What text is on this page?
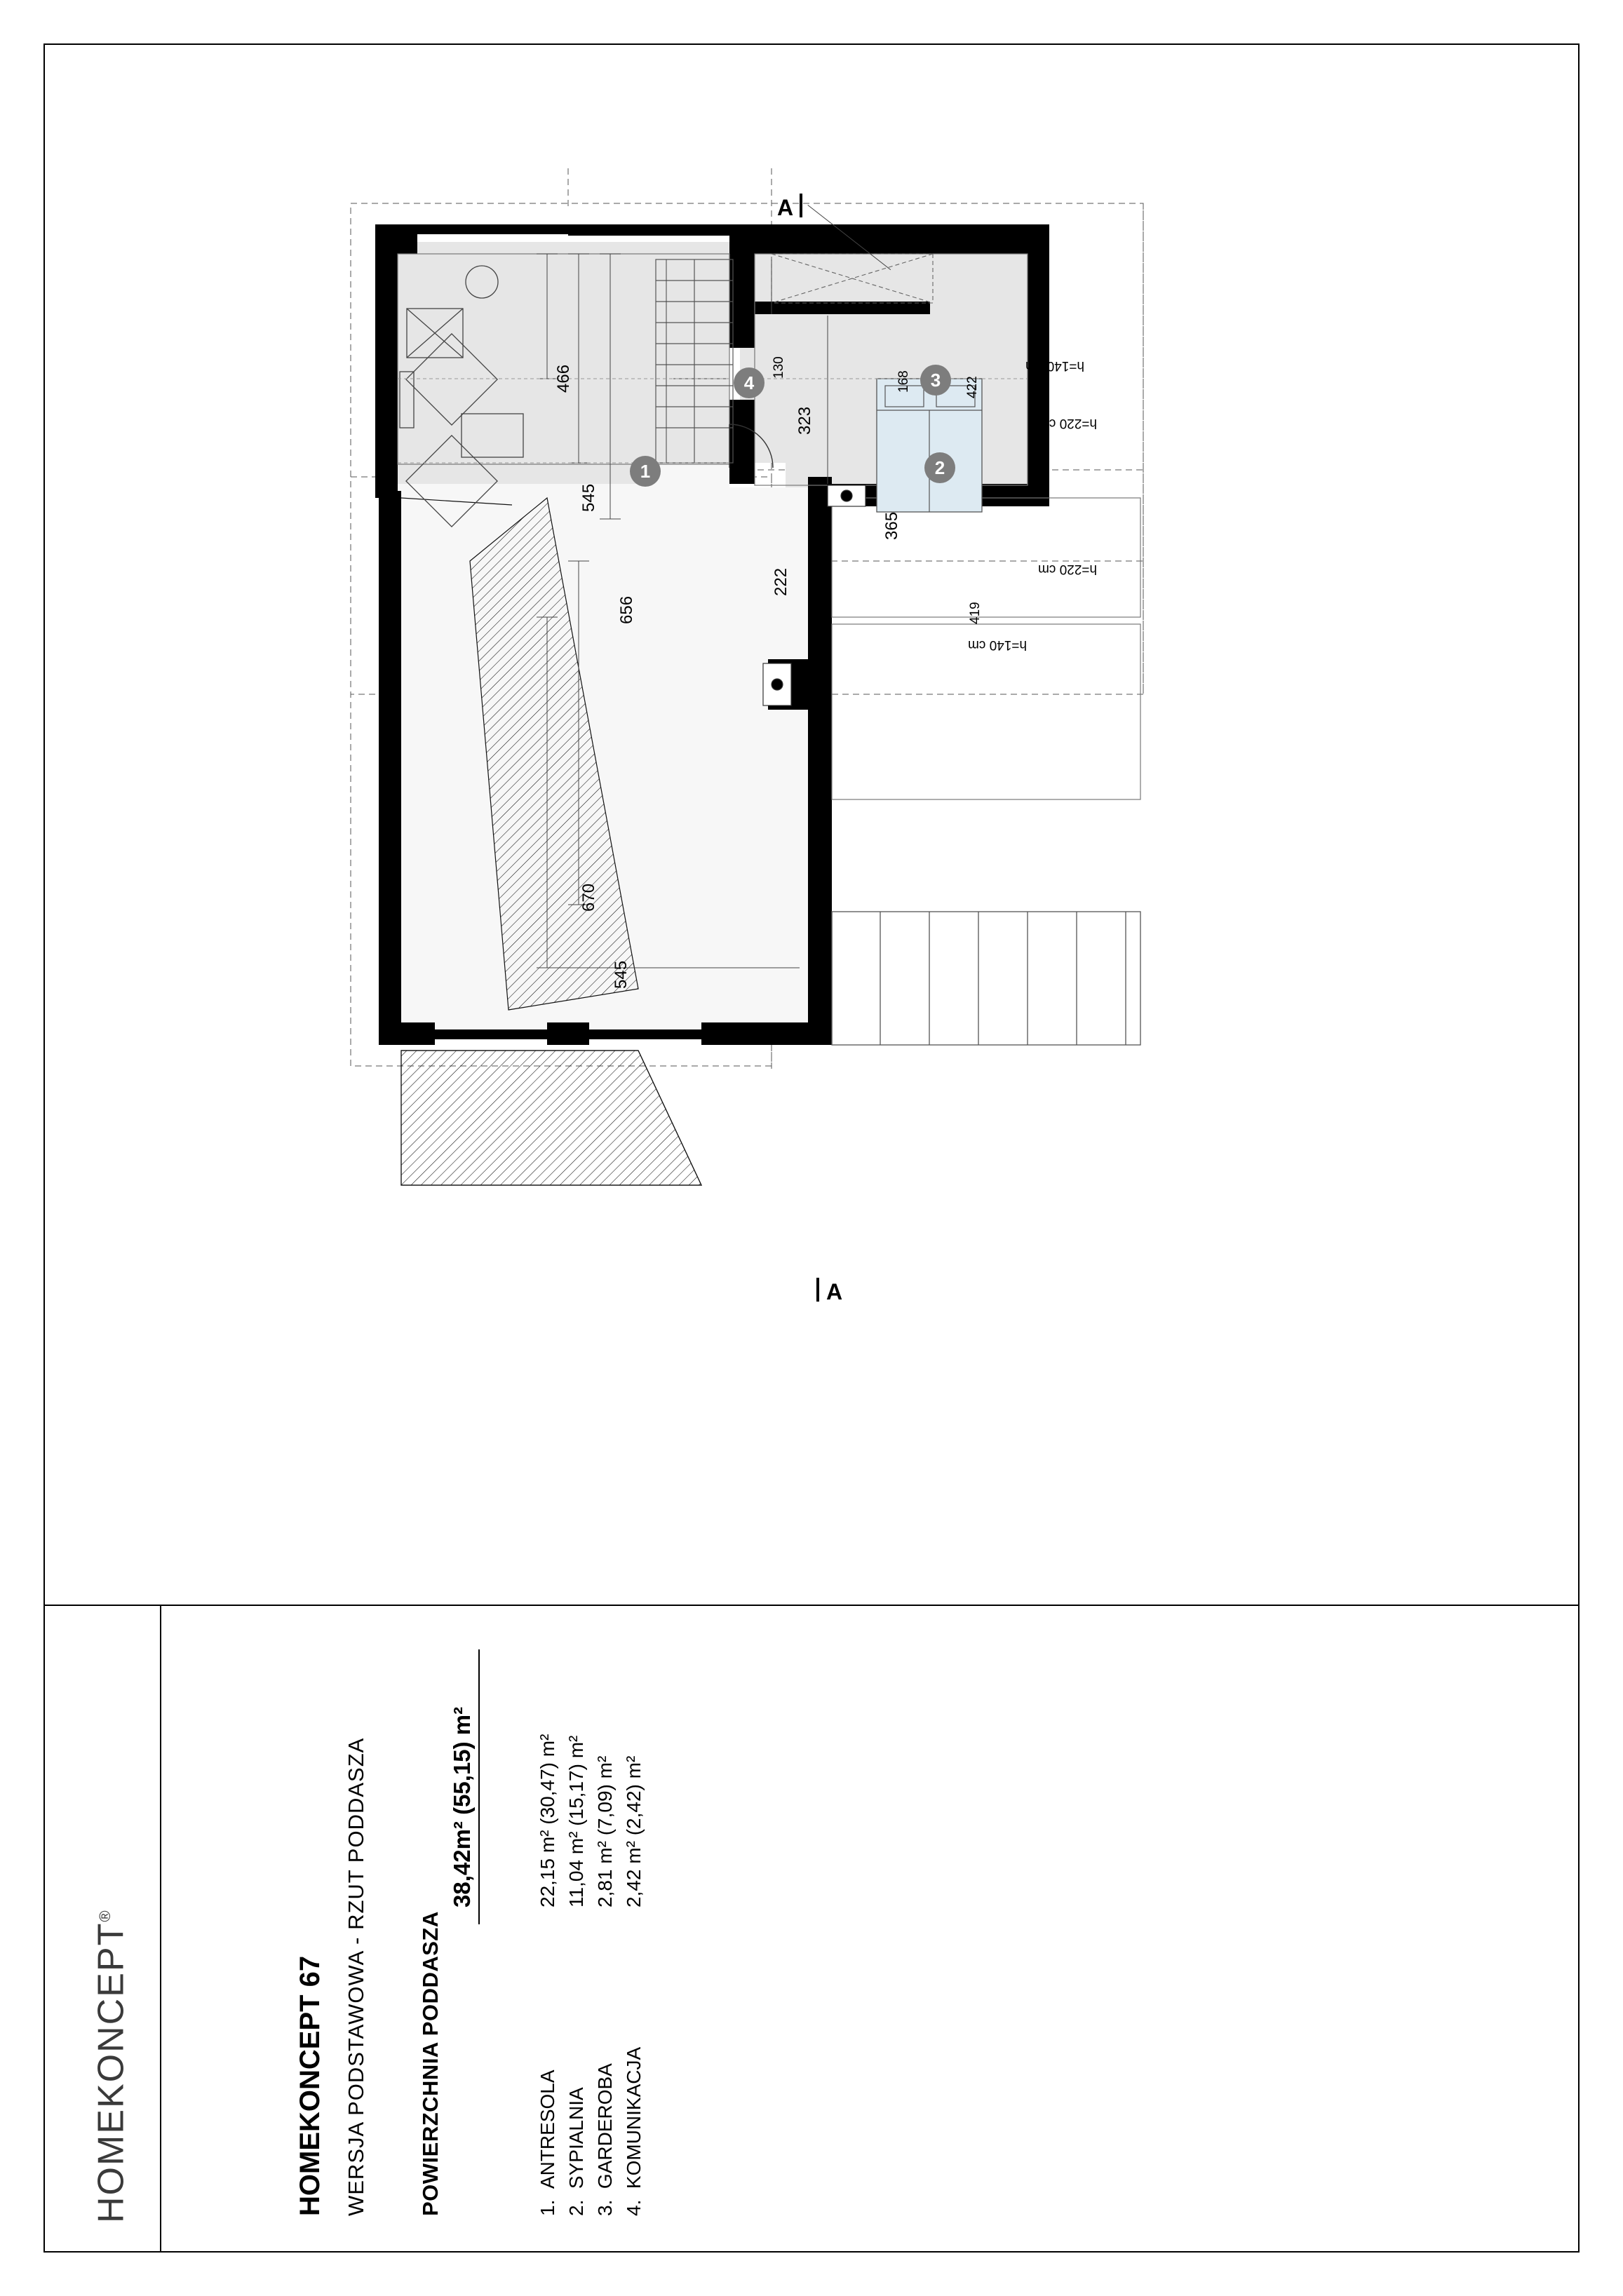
A
A
1	2
3
4
466
545
656
670
545
222
323
130
168	422
365
419
h=140 cm
h=220 cm
h=220 cm
h=140 cm
HOMEKONCEPT®
HOMEKONCEPT 67 WERSJA PODSTAWOWA - RZUT PODDASZA POWIERZCHNIA PODDASZA
38,42m² (55,15) m²
1.  ANTRESOLA
2.  SYPIALNIA
3.  GARDEROBA
4.  KOMUNIKACJA
22,15 m² (30,47) m² 11,04 m² (15,17) m² 2,81 m² (7,09) m² 2,42 m² (2,42) m²
